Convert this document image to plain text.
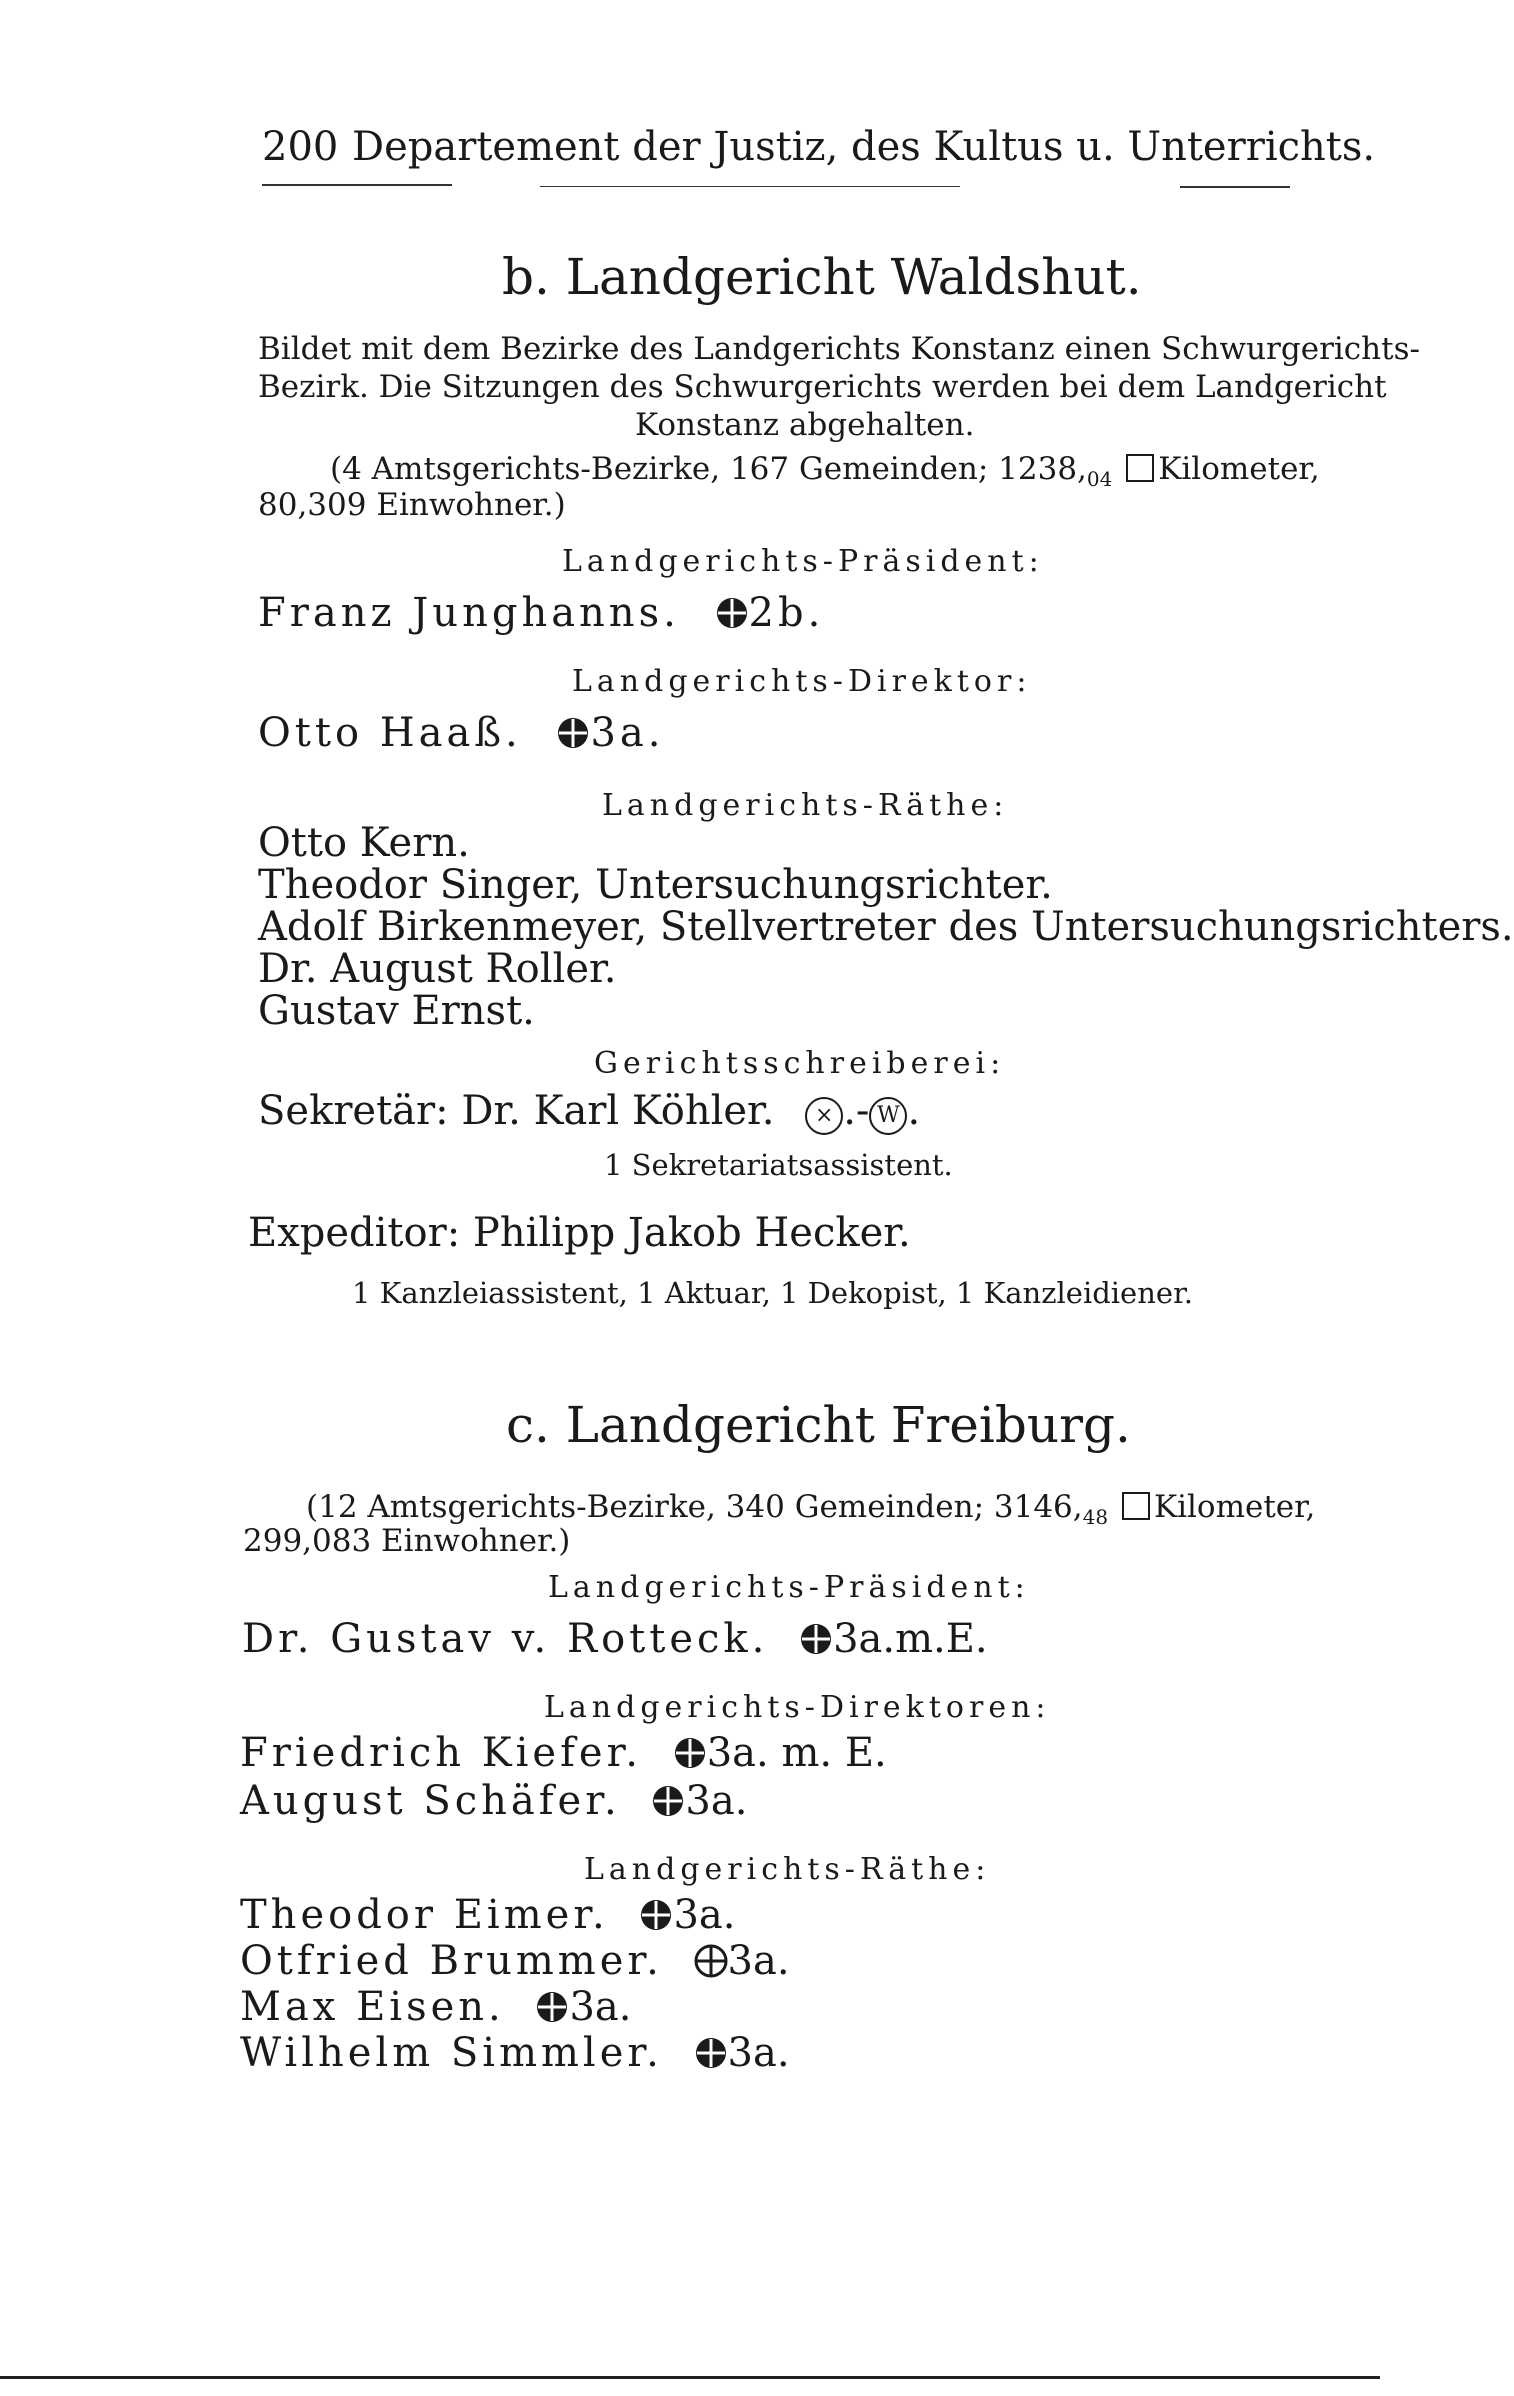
200 Departement der Justiz, des Kultus u. Unterrichts.
b. Landgericht Waldshut.
Bildet mit dem Bezirke des Landgerichts Konstanz einen Schwurgerichts-
Bezirk. Die Sitzungen des Schwurgerichts werden bei dem Landgericht
Konstanz abgehalten.
(4 Amtsgerichts-Bezirke, 167 Gemeinden; $1238,_{04}$ Kilometer,
80,309 Einwohner.)
Landgerichts-Präsident:
Franz Junghanns. 2b.
Landgerichts-Direktor:
Otto Haaß. 3a.
Landgerichts-Räthe:
Otto Kern.
Theodor Singer, Untersuchungsrichter.
Adolf Birkenmeyer, Stellvertreter des Untersuchungsrichters.
Dr. August Roller.
Gustav Ernst.
Gerichtsschreiberei:
Sekretär: Dr. Karl Köhler. × .- W .
1 Sekretariatsassistent.
Expeditor: Philipp Jakob Hecker.
1 Kanzleiassistent, 1 Aktuar, 1 Dekopist, 1 Kanzleidiener.
c. Landgericht Freiburg.
(12 Amtsgerichts-Bezirke, 340 Gemeinden; $3146,_{48}$ Kilometer,
299,083 Einwohner.)
Landgerichts-Präsident:
Dr. Gustav v. Rotteck. 3a.m.E.
Landgerichts-Direktoren:
Friedrich Kiefer. 3a. m. E.
August Schäfer. 3a.
Landgerichts-Räthe:
Theodor Eimer. 3a.
Otfried Brummer. 3a.
Max Eisen. 3a.
Wilhelm Simmler. 3a.
